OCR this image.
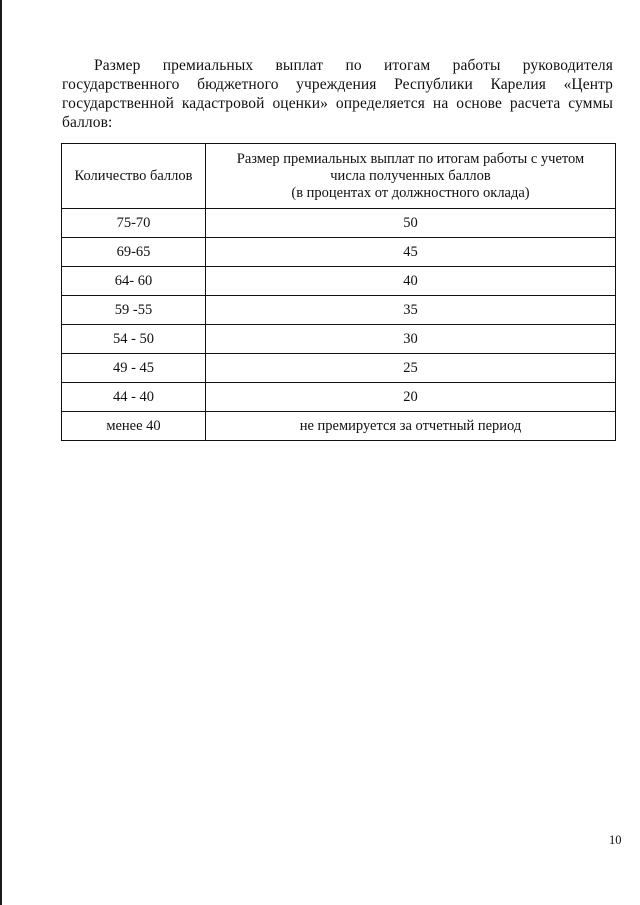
Размер премиальных выплат по итогам работы руководителя государственного бюджетного учреждения Республики Карелия «Центр государственной кадастровой оценки» определяется на основе расчета суммы баллов:

Количество баллов	Размер премиальных выплат по итогам работы с учетом
числа полученных баллов
(в процентах от должностного оклада)

75-70	50
69-65	45
64- 60	40
59 -55	35
54 - 50	30
49 - 45	25
44 - 40	20
менее 40	не премируется за отчетный период
10
